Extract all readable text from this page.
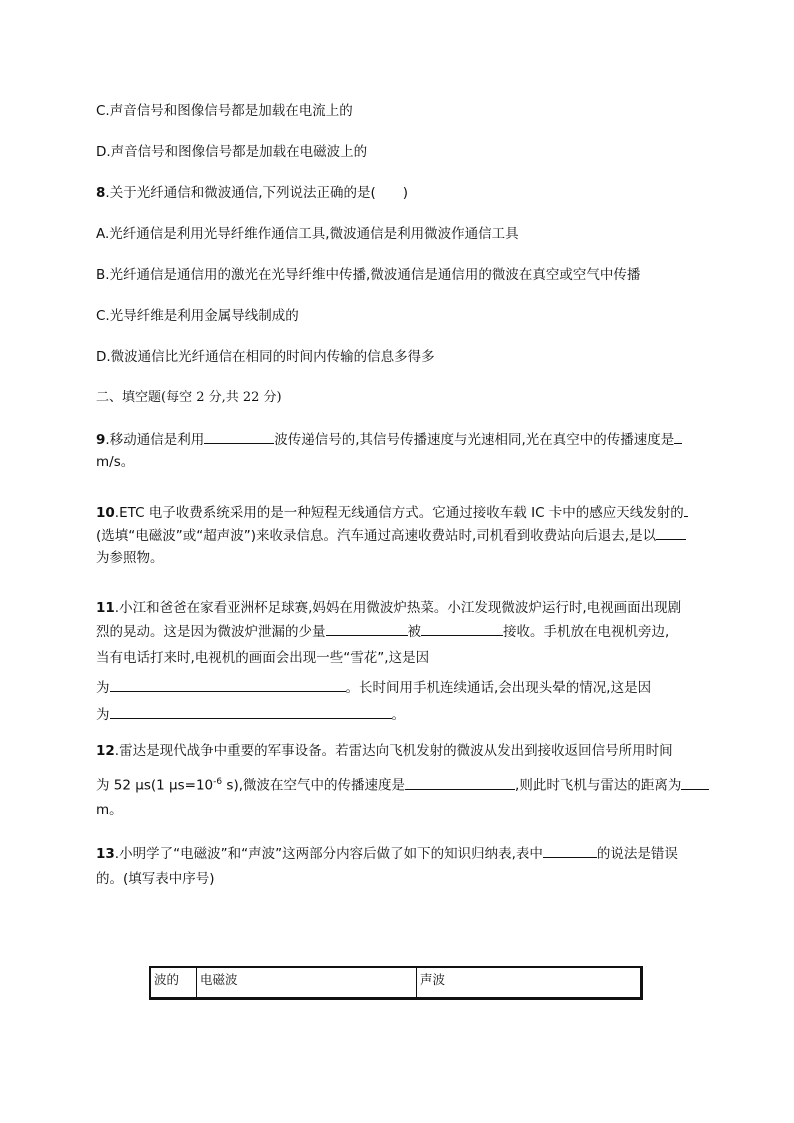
C.声音信号和图像信号都是加载在电流上的
D.声音信号和图像信号都是加载在电磁波上的
8.关于光纤通信和微波通信,下列说法正确的是(　　)
A.光纤通信是利用光导纤维作通信工具,微波通信是利用微波作通信工具
B.光纤通信是通信用的激光在光导纤维中传播,微波通信是通信用的微波在真空或空气中传播
C.光导纤维是利用金属导线制成的
D.微波通信比光纤通信在相同的时间内传输的信息多得多
二、填空题(每空 2 分,共 22 分)
9.移动通信是利用	波传递信号的,其信号传播速度与光速相同,光在真空中的传播速度是
m/s。
10.ETC 电子收费系统采用的是一种短程无线通信方式。它通过接收车载 IC 卡中的感应天线发射的
(选填“电磁波”或“超声波”)来收录信息。汽车通过高速收费站时,司机看到收费站向后退去,是以
为参照物。
11.小江和爸爸在家看亚洲杯足球赛,妈妈在用微波炉热菜。小江发现微波炉运行时,电视画面出现剧
烈的晃动。这是因为微波炉泄漏的少量	被	接收。手机放在电视机旁边,
当有电话打来时,电视机的画面会出现一些“雪花”,这是因
为	。长时间用手机连续通话,会出现头晕的情况,这是因
为	。
12.雷达是现代战争中重要的军事设备。若雷达向飞机发射的微波从发出到接收返回信号所用时间
为 52 μs(1 $\mu s=10^{-6}$ s),微波在空气中的传播速度是	,则此时飞机与雷达的距离为
m。
13.小明学了“电磁波”和“声波”这两部分内容后做了如下的知识归纳表,表中	的说法是错误
的。(填写表中序号)
波的	电磁波	声波
